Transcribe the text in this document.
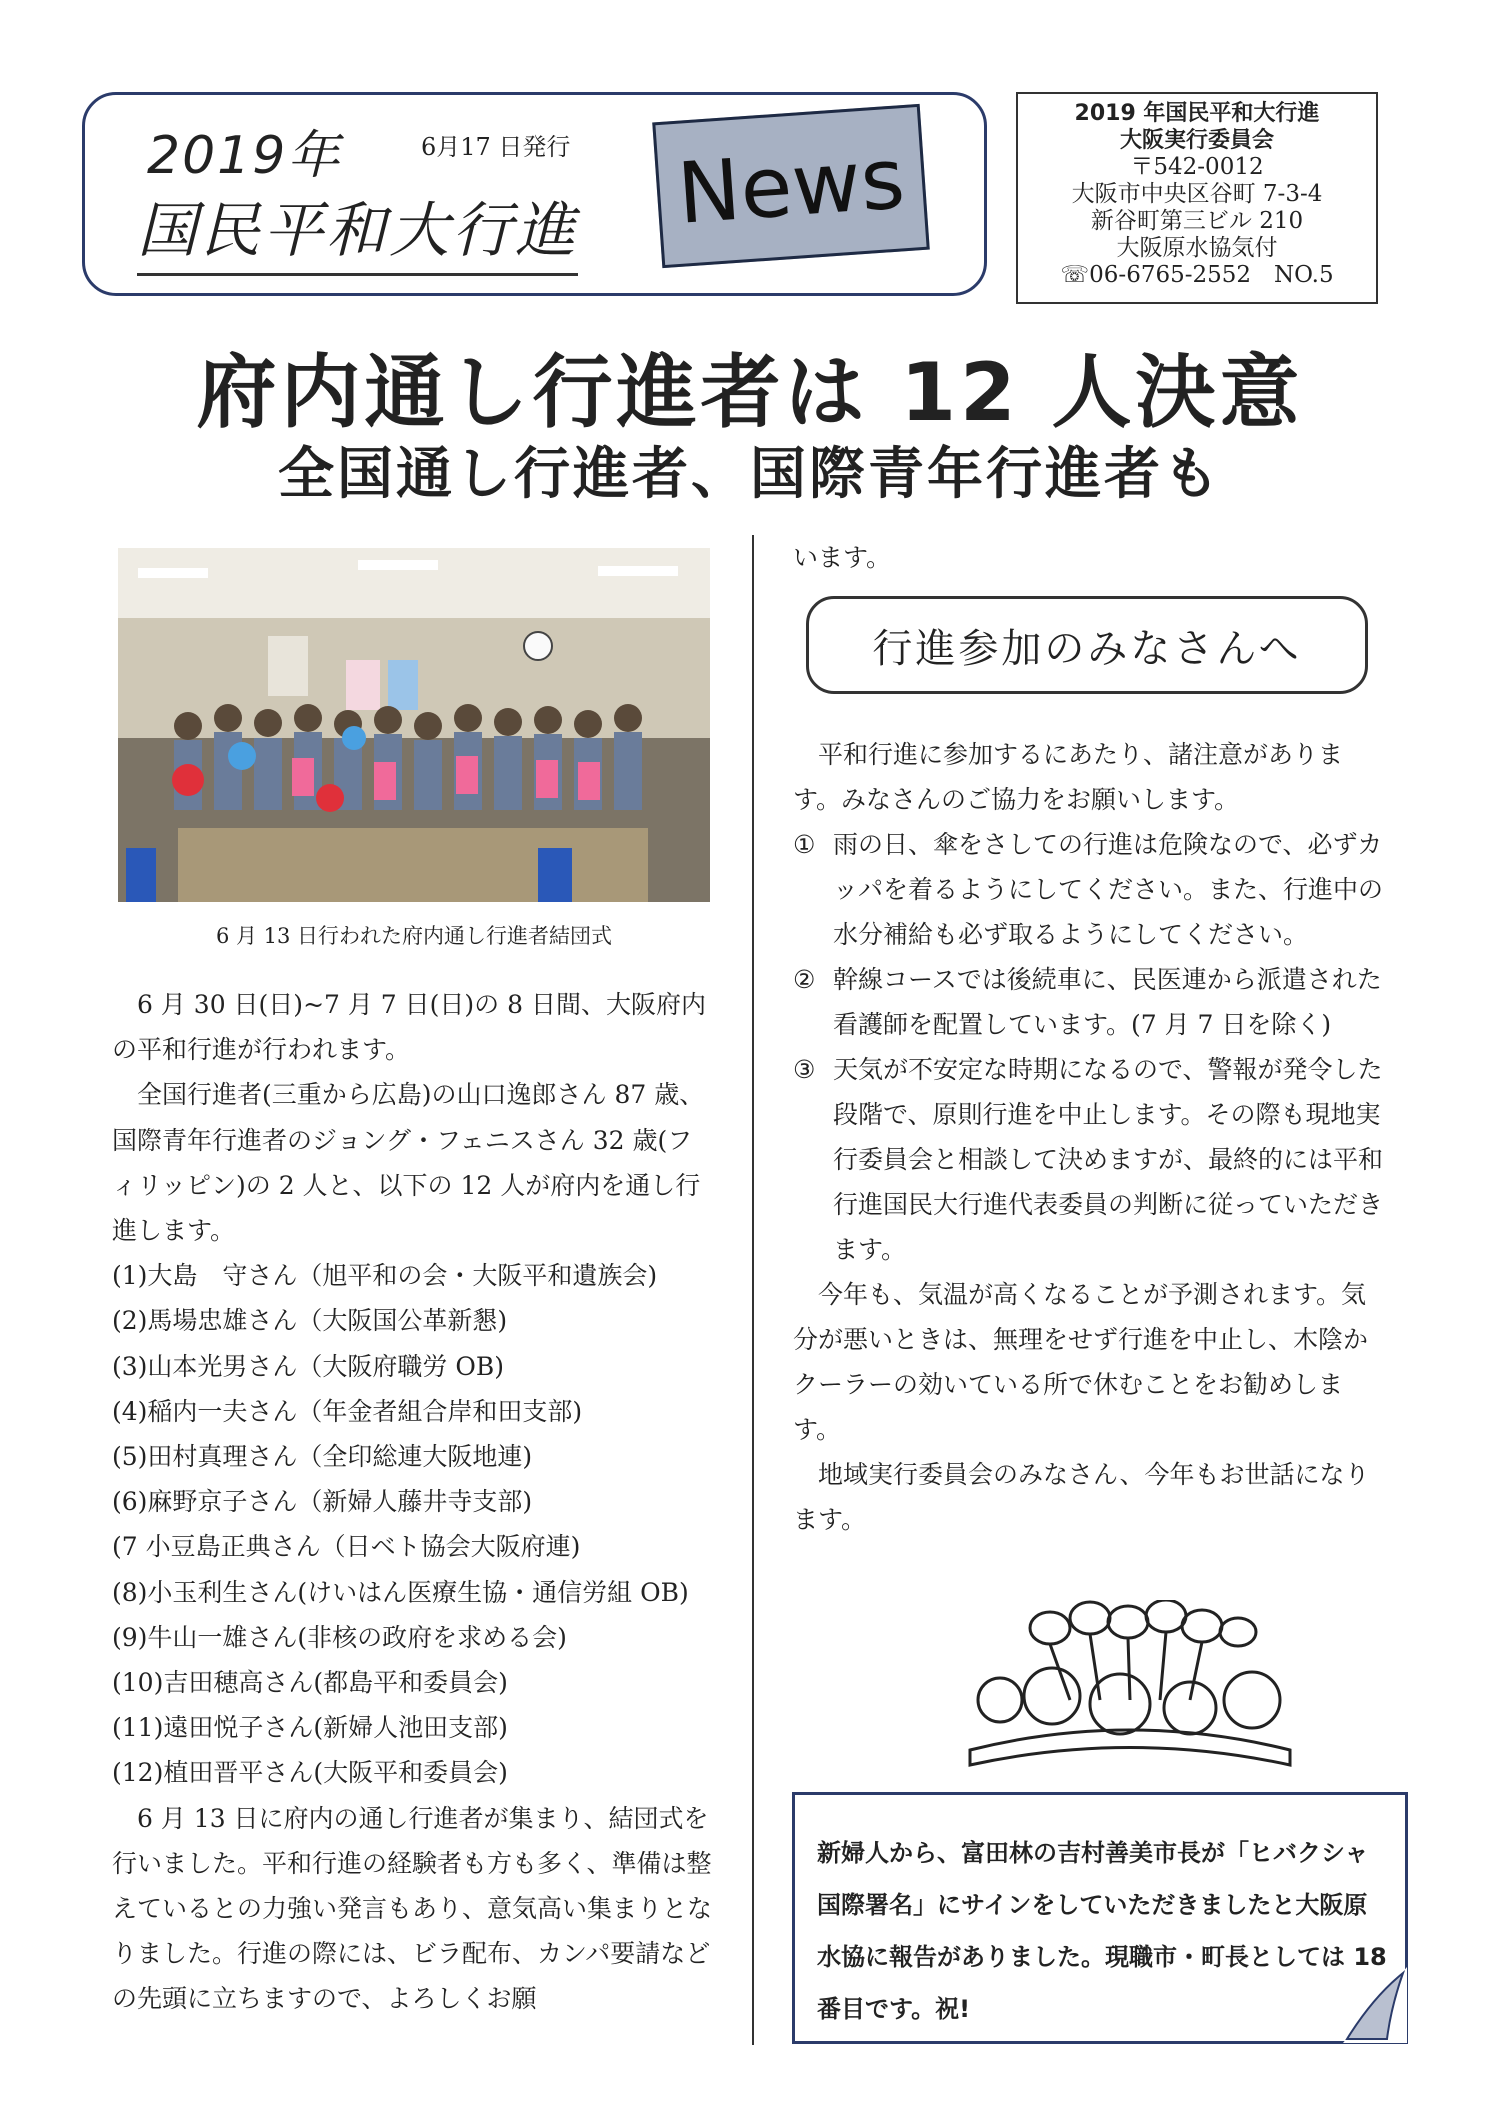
2019年	6月17 日発行
国民平和大行進 News
2019 年国民平和大行進
大阪実行委員会
〒542-0012
大阪市中央区谷町 7-3-4
新谷町第三ビル 210
大阪原水協気付
☏06-6765-2552　NO.5
府内通し行進者は 12 人決意
全国通し行進者、国際青年行進者も
6 月 13 日行われた府内通し行進者結団式

6 月 30 日(日)~7 月 7 日(日)の 8 日間、大阪府内の平和行進が行われます。

全国行進者(三重から広島)の山口逸郎さん 87 歳、国際青年行進者のジョング・フェニスさん 32 歳(フィリッピン)の 2 人と、以下の 12 人が府内を通し行進します。

(1)大島　守さん（旭平和の会・大阪平和遺族会)
(2)馬場忠雄さん（大阪国公革新懇)
(3)山本光男さん（大阪府職労 OB)
(4)稲内一夫さん（年金者組合岸和田支部)
(5)田村真理さん（全印総連大阪地連)
(6)麻野京子さん（新婦人藤井寺支部)
(7 小豆島正典さん（日ベト協会大阪府連)
(8)小玉利生さん(けいはん医療生協・通信労組 OB)
(9)牛山一雄さん(非核の政府を求める会)
(10)吉田穂高さん(都島平和委員会)
(11)遠田悦子さん(新婦人池田支部)
(12)植田晋平さん(大阪平和委員会)

6 月 13 日に府内の通し行進者が集まり、結団式を行いました。平和行進の経験者も方も多く、準備は整えているとの力強い発言もあり、意気高い集まりとなりました。行進の際には、ビラ配布、カンパ要請などの先頭に立ちますので、よろしくお願

います。

平和行進に参加するにあたり、諸注意があります。みなさんのご協力をお願いします。

① 雨の日、傘をさしての行進は危険なので、必ずカッパを着るようにしてください。また、行進中の水分補給も必ず取るようにしてください。
② 幹線コースでは後続車に、民医連から派遣された看護師を配置しています。(7 月 7 日を除く)
③ 天気が不安定な時期になるので、警報が発令した段階で、原則行進を中止します。その際も現地実行委員会と相談して決めますが、最終的には平和行進国民大行進代表委員の判断に従っていただきます。

今年も、気温が高くなることが予測されます。気分が悪いときは、無理をせず行進を中止し、木陰かクーラーの効いている所で休むことをお勧めします。

地域実行委員会のみなさん、今年もお世話になります。

行進参加のみなさんへ
新婦人から、富田林の吉村善美市長が「ヒバクシャ国際署名」にサインをしていただきましたと大阪原水協に報告がありました。現職市・町長としては 18 番目です。祝!
